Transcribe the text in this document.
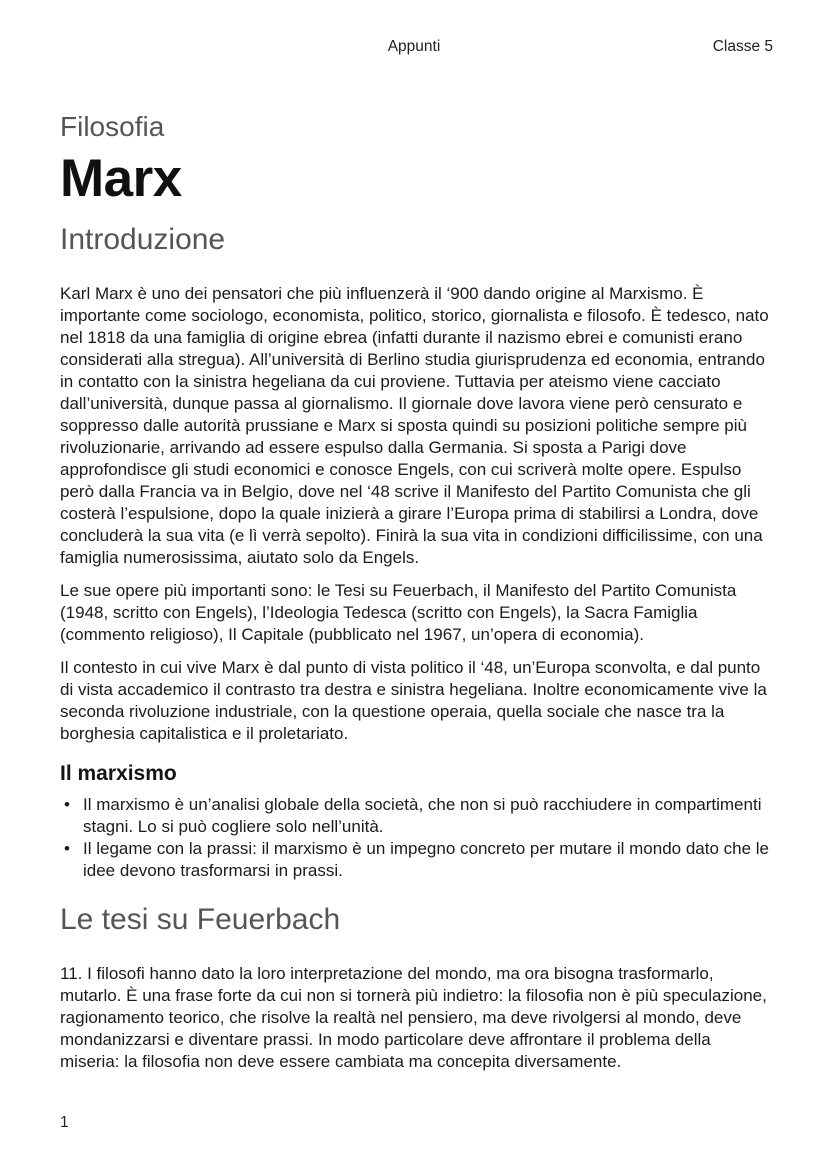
Appunti	Classe 5
Filosofia
Marx
Introduzione

Karl Marx è uno dei pensatori che più influenzerà il ‘900 dando origine al Marxismo. È importante come sociologo, economista, politico, storico, giornalista e filosofo. È tedesco, nato nel 1818 da una famiglia di origine ebrea (infatti durante il nazismo ebrei e comunisti erano considerati alla stregua). All’università di Berlino studia giurisprudenza ed economia, entrando in contatto con la sinistra hegeliana da cui proviene. Tuttavia per ateismo viene cacciato dall’università, dunque passa al giornalismo. Il giornale dove lavora viene però censurato e soppresso dalle autorità prussiane e Marx si sposta quindi su posizioni politiche sempre più rivoluzionarie, arrivando ad essere espulso dalla Germania. Si sposta a Parigi dove approfondisce gli studi economici e conosce Engels, con cui scriverà molte opere. Espulso però dalla Francia va in Belgio, dove nel ‘48 scrive il Manifesto del Partito Comunista che gli costerà l’espulsione, dopo la quale inizierà a girare l’Europa prima di stabilirsi a Londra, dove concluderà la sua vita (e lì verrà sepolto). Finirà la sua vita in condizioni difficilissime, con una famiglia numerosissima, aiutato solo da Engels.

Le sue opere più importanti sono: le Tesi su Feuerbach, il Manifesto del Partito Comunista (1948, scritto con Engels), l’Ideologia Tedesca (scritto con Engels), la Sacra Famiglia (commento religioso), Il Capitale (pubblicato nel 1967, un’opera di economia).

Il contesto in cui vive Marx è dal punto di vista politico il ‘48, un’Europa sconvolta, e dal punto di vista accademico il contrasto tra destra e sinistra hegeliana. Inoltre economicamente vive la seconda rivoluzione industriale, con la questione operaia, quella sociale che nasce tra la borghesia capitalistica e il proletariato.

Il marxismo
• Il marxismo è un’analisi globale della società, che non si può racchiudere in compartimenti stagni. Lo si può cogliere solo nell’unità.
• Il legame con la prassi: il marxismo è un impegno concreto per mutare il mondo dato che le idee devono trasformarsi in prassi.
Le tesi su Feuerbach

11. I filosofi hanno dato la loro interpretazione del mondo, ma ora bisogna trasformarlo, mutarlo. È una frase forte da cui non si tornerà più indietro: la filosofia non è più speculazione, ragionamento teorico, che risolve la realtà nel pensiero, ma deve rivolgersi al mondo, deve mondanizzarsi e diventare prassi. In modo particolare deve affrontare il problema della miseria: la filosofia non deve essere cambiata ma concepita diversamente.

1
